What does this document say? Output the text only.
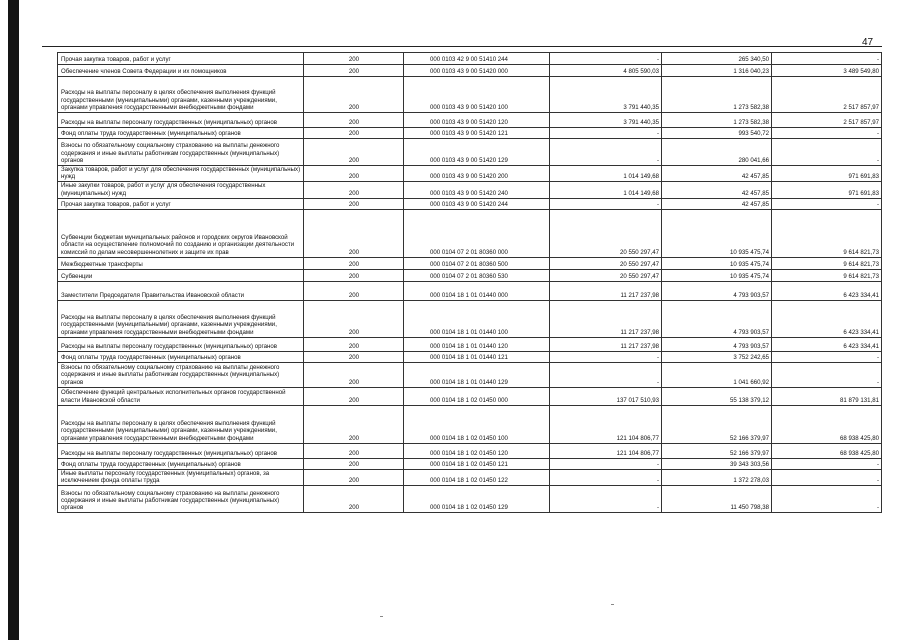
47
Прочая закупка товаров, работ и услуг	200	000 0103 42 9 00 51410 244	-	265 340,50	-
Обеспечение членов Совета Федерации и их помощников	200	000 0103 43 9 00 51420 000	4 805 590,03	1 316 040,23	3 489 549,80
Расходы на выплаты персоналу в целях обеспечения выполнения функций государственными (муниципальными) органами, казенными учреждениями, органами управления государственными внебюджетными фондами	200	000 0103 43 9 00 51420 100	3 791 440,35	1 273 582,38	2 517 857,97
Расходы на выплаты персоналу государственных (муниципальных) органов	200	000 0103 43 9 00 51420 120	3 791 440,35	1 273 582,38	2 517 857,97
Фонд оплаты труда государственных (муниципальных) органов	200	000 0103 43 9 00 51420 121	-	993 540,72	-
Взносы по обязательному социальному страхованию на выплаты денежного содержания и иные выплаты работникам государственных (муниципальных) органов	200	000 0103 43 9 00 51420 129	-	280 041,66	-
Закупка товаров, работ и услуг для обеспечения государственных (муниципальных) нужд	200	000 0103 43 9 00 51420 200	1 014 149,68	42 457,85	971 691,83
Иные закупки товаров, работ и услуг для обеспечения государственных (муниципальных) нужд	200	000 0103 43 9 00 51420 240	1 014 149,68	42 457,85	971 691,83
Прочая закупка товаров, работ и услуг	200	000 0103 43 9 00 51420 244	-	42 457,85	-
Субвенции бюджетам муниципальных районов и городских округов Ивановской области на осуществление полномочий по созданию и организации деятельности комиссий по делам несовершеннолетних и защите их прав	200	000 0104 07 2 01 80360 000	20 550 297,47	10 935 475,74	9 614 821,73
Межбюджетные трансферты	200	000 0104 07 2 01 80360 500	20 550 297,47	10 935 475,74	9 614 821,73
Субвенции	200	000 0104 07 2 01 80360 530	20 550 297,47	10 935 475,74	9 614 821,73
Заместители Председателя Правительства Ивановской области	200	000 0104 18 1 01 01440 000	11 217 237,98	4 793 903,57	6 423 334,41
Расходы на выплаты персоналу в целях обеспечения выполнения функций государственными (муниципальными) органами, казенными учреждениями, органами управления государственными внебюджетными фондами	200	000 0104 18 1 01 01440 100	11 217 237,98	4 793 903,57	6 423 334,41
Расходы на выплаты персоналу государственных (муниципальных) органов	200	000 0104 18 1 01 01440 120	11 217 237,98	4 793 903,57	6 423 334,41
Фонд оплаты труда государственных (муниципальных) органов	200	000 0104 18 1 01 01440 121	-	3 752 242,65	-
Взносы по обязательному социальному страхованию на выплаты денежного содержания и иные выплаты работникам государственных (муниципальных) органов	200	000 0104 18 1 01 01440 129	-	1 041 660,92	-
Обеспечение функций центральных исполнительных органов государственной власти Ивановской области	200	000 0104 18 1 02 01450 000	137 017 510,93	55 138 379,12	81 879 131,81
Расходы на выплаты персоналу в целях обеспечения выполнения функций государственными (муниципальными) органами, казенными учреждениями, органами управления государственными внебюджетными фондами	200	000 0104 18 1 02 01450 100	121 104 806,77	52 166 379,97	68 938 425,80
Расходы на выплаты персоналу государственных (муниципальных) органов	200	000 0104 18 1 02 01450 120	121 104 806,77	52 166 379,97	68 938 425,80
Фонд оплаты труда государственных (муниципальных) органов	200	000 0104 18 1 02 01450 121	-	39 343 303,56	-
Иные выплаты персоналу государственных (муниципальных) органов, за исключением фонда оплаты труда	200	000 0104 18 1 02 01450 122	-	1 372 278,03	-
Взносы по обязательному социальному страхованию на выплаты денежного содержания и иные выплаты работникам государственных (муниципальных) органов	200	000 0104 18 1 02 01450 129	-	11 450 798,38	-
